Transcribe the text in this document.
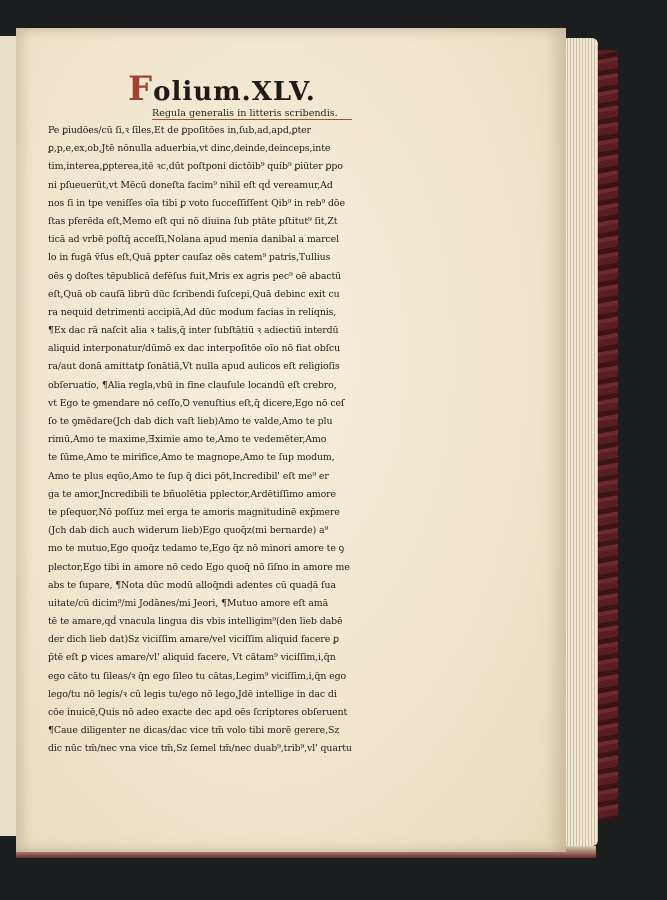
Folium.XLV.
Regula generalis in litteris scribendis.
Pe ꝑiudōes/cū ſi,ꝛ ſiles,Et de ꝑpoſitōes in,ſub,ad,apd,ꝑter
ꝑ,p,e,ex,ob,Jtē nōnulla aduerbia,vt dinc,deinde,deinceps,inte
tim,interea,ꝑpterea,itē ꝛc,dūt poſtponi dictōib⁹ quib⁹ ꝑiūter ꝑpo
ni pſueuerūt,vt Mēcū doneſta facim⁹ nihil eſt qḋ vereamur,Ad
nos ſi in tpe veniſſes oīa tibi ꝑ voto ſucceſſiſſent Qib⁹ in reb⁹ dōe
ſtas pferēda eſt,Memo eſt qui nō diuina ſub ptāte pſtitut⁹ ſit,Zt
ticā ad vrbē poſtq̄ acceſſi,Nolana apud menia danibal a marcel
lo in fugā v̄ſus eſt,Quā ꝑpter cauſaz oēs catem⁹ patris,Tullius
oēs ꝯ doſtes tēpublicā defēſus fuit,Mris ex agris pec⁹ oē abactū
eſt,Quā ob cauſā librū dūc ſcribendi ſuſcepi,Quā debinc exit cu
ra nequid detrimenti accipiā,Ad dūc modum facias in reliqnis,
¶Ex dac rā naſcit alia ꝛ talis,q̄ inter ſubſtātiū ꝛ adiectiū interdū
aliquid interponatur/dūmō ex dac interpoſitōe oīo nō fiat obſcu
ra/aut donā amittatꝑ ſonātiā,Vt nulla apud aulicos eſt religioſis
obſeruatio, ¶Alia regla,vbū in fine clauſule locandū eſt crebro,
vt Ego te ꝯmendare nō ceſſo,Ꝺ venuſtius eſt,q̄ dicere,Ego nō ceſ
ſo te ꝯmēdare(Jch dab dich vaſt lieb)Amo te valde,Amo te plu
rimū,Amo te maxime,Ǝximie amo te,Amo te vedemēter,Amo
te ſūme,Amo te mirifice,Amo te magnope,Amo te ſup modum,
Amo te plus eqūo,Amo te ſup q̄ dici pōt,Incredibil' eſt me⁹ er
ga te amor,Jncredibili te bñuolētia pplector,Ardētiſſimo amore
te pſequor,Nō poſſuz mei erga te amoris magnitudinē exp̄mere
(Jch dab dich auch widerum lieb)Ego quoq̄z(mi bernarde) a⁹
mo te mutuo,Ego quoq̄z tedamo te,Ego q̄z nō minori amore te ꝯ
plector,Ego tibi in amore nō cedo Ego quoq̄ nō ſiſno in amore me
abs te ſupare, ¶Nota dūc modū alloq̄ndi adentes cū quadā ſua
uitate/cū dicim⁹/mi Jodānes/mi Jeori, ¶Mutuo amore eſt amā
tē te amare,qḋ vnacula lingua dis vbis intelligim⁹(den lieb dabē
der dich lieb dat)Sz viciſſim amare/vel viciſſim aliquid facere ꝑ
p̄tē eſt ꝑ vices amare/vl' aliquid facere, Vt cātam⁹ viciſſim,i,q̄n
ego cāto tu ſileas/ꝛ q̄n ego ſileo tu cātas,Legim⁹ viciſſim,i,q̄n ego
lego/tu nō legis/ꝛ cū legis tu/ego nō lego,Jdē intellige in dac di
cōe inuicē,Quis nō adeo exacte dec apd oēs ſcriptores obſeruent
¶Caue diligenter ne dicas/dac vice tm̄ volo tibi morē gerere,Sz
dic nūc tm̄/nec vna vice tm̄,Sz ſemel tm̄/nec duab⁹,trib⁹,vl' quartu
